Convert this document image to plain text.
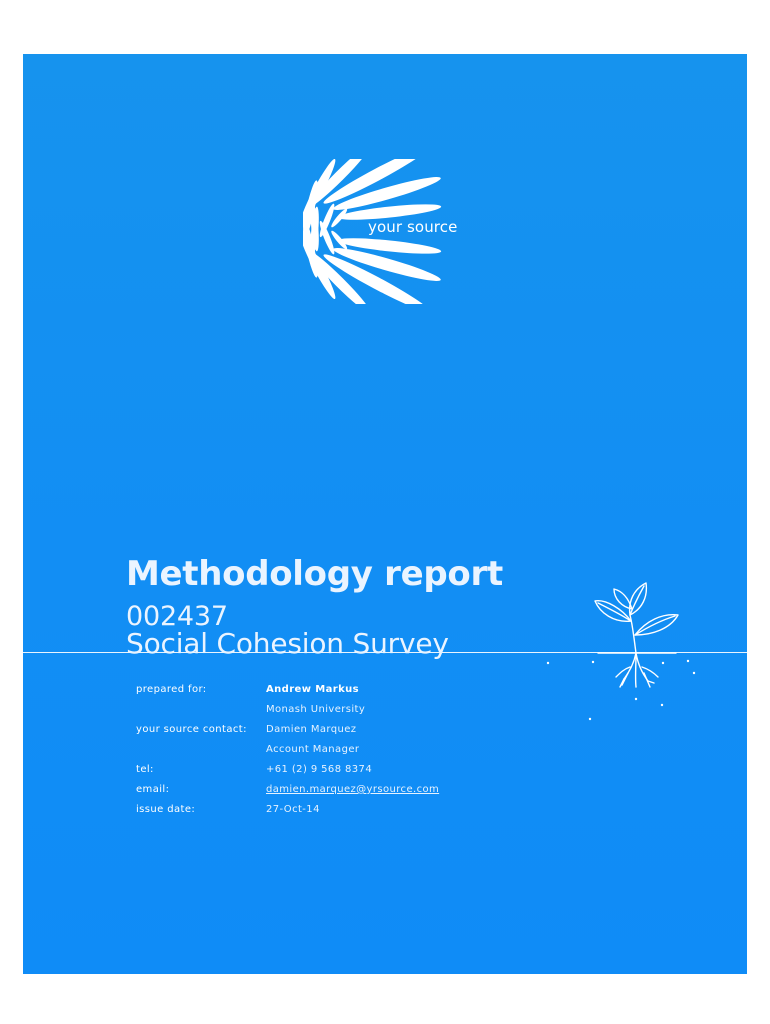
your source
Methodology report
002437
Social Cohesion Survey
prepared for:	Andrew Markus
Monash University
your source contact: Damien Marquez
Account Manager
tel:	+61 (2) 9 568 8374
email:	damien.marquez@yrsource.com
issue date:	27-Oct-14
